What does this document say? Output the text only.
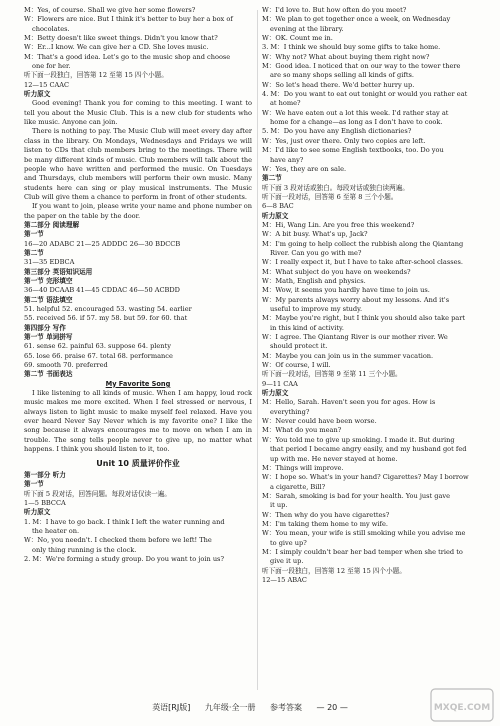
M：Yes, of course. Shall we give her some flowers?
W：Flowers are nice. But I think it's better to buy her a box of
chocolates.
M：Betty doesn't like sweet things. Didn't you know that?
W：Er...I know. We can give her a CD. She loves music.
M：That's a good idea. Let's go to the music shop and choose
one for her.
听下面一段独白，回答第 12 至第 15 四个小题。
12—15 CAAC
听力原文
Good evening! Thank you for coming to this meeting. I want to tell you about the Music Club. This is a new club for students who like music. Anyone can join.
There is nothing to pay. The Music Club will meet every day after class in the library. On Mondays, Wednesdays and Fridays we will listen to CDs that club members bring to the meetings. There will be many different kinds of music. Club members will talk about the people who have written and performed the music. On Tuesdays and Thursdays, club members will perform their own music. Many students here can sing or play musical instruments. The Music Club will give them a chance to perform in front of other students.
If you want to join, please write your name and phone number on the paper on the table by the door.
第二部分 阅读理解
第一节
16—20 ADABC 21—25 ADDDC 26—30 BDCCB
第二节
31—35 EDBCA
第三部分 英语知识运用
第一节 完形填空
36—40 DCAAB 41—45 CDDAC 46—50 ACBDD
第二节 语法填空
51. helpful 52. encouraged 53. wasting 54. earlier
55. received 56. if 57. my 58. but 59. for 60. that
第四部分 写作
第一节 单词拼写
61. sense 62. painful 63. suppose 64. plenty
65. lose 66. praise 67. total 68. performance
69. smooth 70. preferred
第二节 书面表达
My Favorite Song
I like listening to all kinds of music. When I am happy, loud rock music makes me more excited. When I feel stressed or nervous, I always listen to light music to make myself feel relaxed. Have you ever heard Never Say Never which is my favorite one? I like the song because it always encourages me to move on when I am in trouble. The song tells people never to give up, no matter what happens. I think you should listen to it, too.
Unit 10 质量评价作业
第一部分 听力
第一节
听下面 5 段对话，回答问题。每段对话仅读一遍。
1—5 BBCCA
听力原文
1. M：I have to go back. I think I left the water running and
the heater on.
W：No, you needn't. I checked them before we left! The
only thing running is the clock.
2. M：We're forming a study group. Do you want to join us?
W：I'd love to. But how often do you meet?
M：We plan to get together once a week, on Wednesday
evening at the library.
W：OK. Count me in.
3. M：I think we should buy some gifts to take home.
W：Why not? What about buying them right now?
M：Good idea. I noticed that on our way to the tower there
are so many shops selling all kinds of gifts.
W：So let's head there. We'd better hurry up.
4. M：Do you want to eat out tonight or would you rather eat
at home?
W：We have eaten out a lot this week. I'd rather stay at
home for a change—as long as I don't have to cook.
5. M：Do you have any English dictionaries?
W：Yes, just over there. Only two copies are left.
M：I'd like to see some English textbooks, too. Do you
have any?
W：Yes, they are on sale.
第二节
听下面 3 段对话或独白。每段对话或独白读两遍。
听下面一段对话，回答第 6 至第 8 三个小题。
6—8 BAC
听力原文
M：Hi, Wang Lin. Are you free this weekend?
W：A bit busy. What's up, Jack?
M：I'm going to help collect the rubbish along the Qiantang
River. Can you go with me?
W：I really expect it, but I have to take after-school classes.
M：What subject do you have on weekends?
W：Math, English and physics.
M：Wow, it seems you hardly have time to join us.
W：My parents always worry about my lessons. And it's
useful to improve my study.
M：Maybe you're right, but I think you should also take part
in this kind of activity.
W：I agree. The Qiantang River is our mother river. We
should protect it.
M：Maybe you can join us in the summer vacation.
W：Of course, I will.
听下面一段对话，回答第 9 至第 11 三个小题。
9—11 CAA
听力原文
M：Hello, Sarah. Haven't seen you for ages. How is
everything?
W：Never could have been worse.
M：What do you mean?
W：You told me to give up smoking. I made it. But during
that period I became angry easily, and my husband got fed
up with me. He never stayed at home.
M：Things will improve.
W：I hope so. What's in your hand? Cigarettes? May I borrow
a cigarette, Bill?
M：Sarah, smoking is bad for your health. You just gave
it up.
W：Then why do you have cigarettes?
M：I'm taking them home to my wife.
W：You mean, your wife is still smoking while you advise me
to give up?
M：I simply couldn't bear her bad temper when she tried to
give it up.
听下面一段独白，回答第 12 至第 15 四个小题。
12—15 ABAC
英语[RJ版] 九年级·全一册 参考答案 — 20 —	MXQE.COM
